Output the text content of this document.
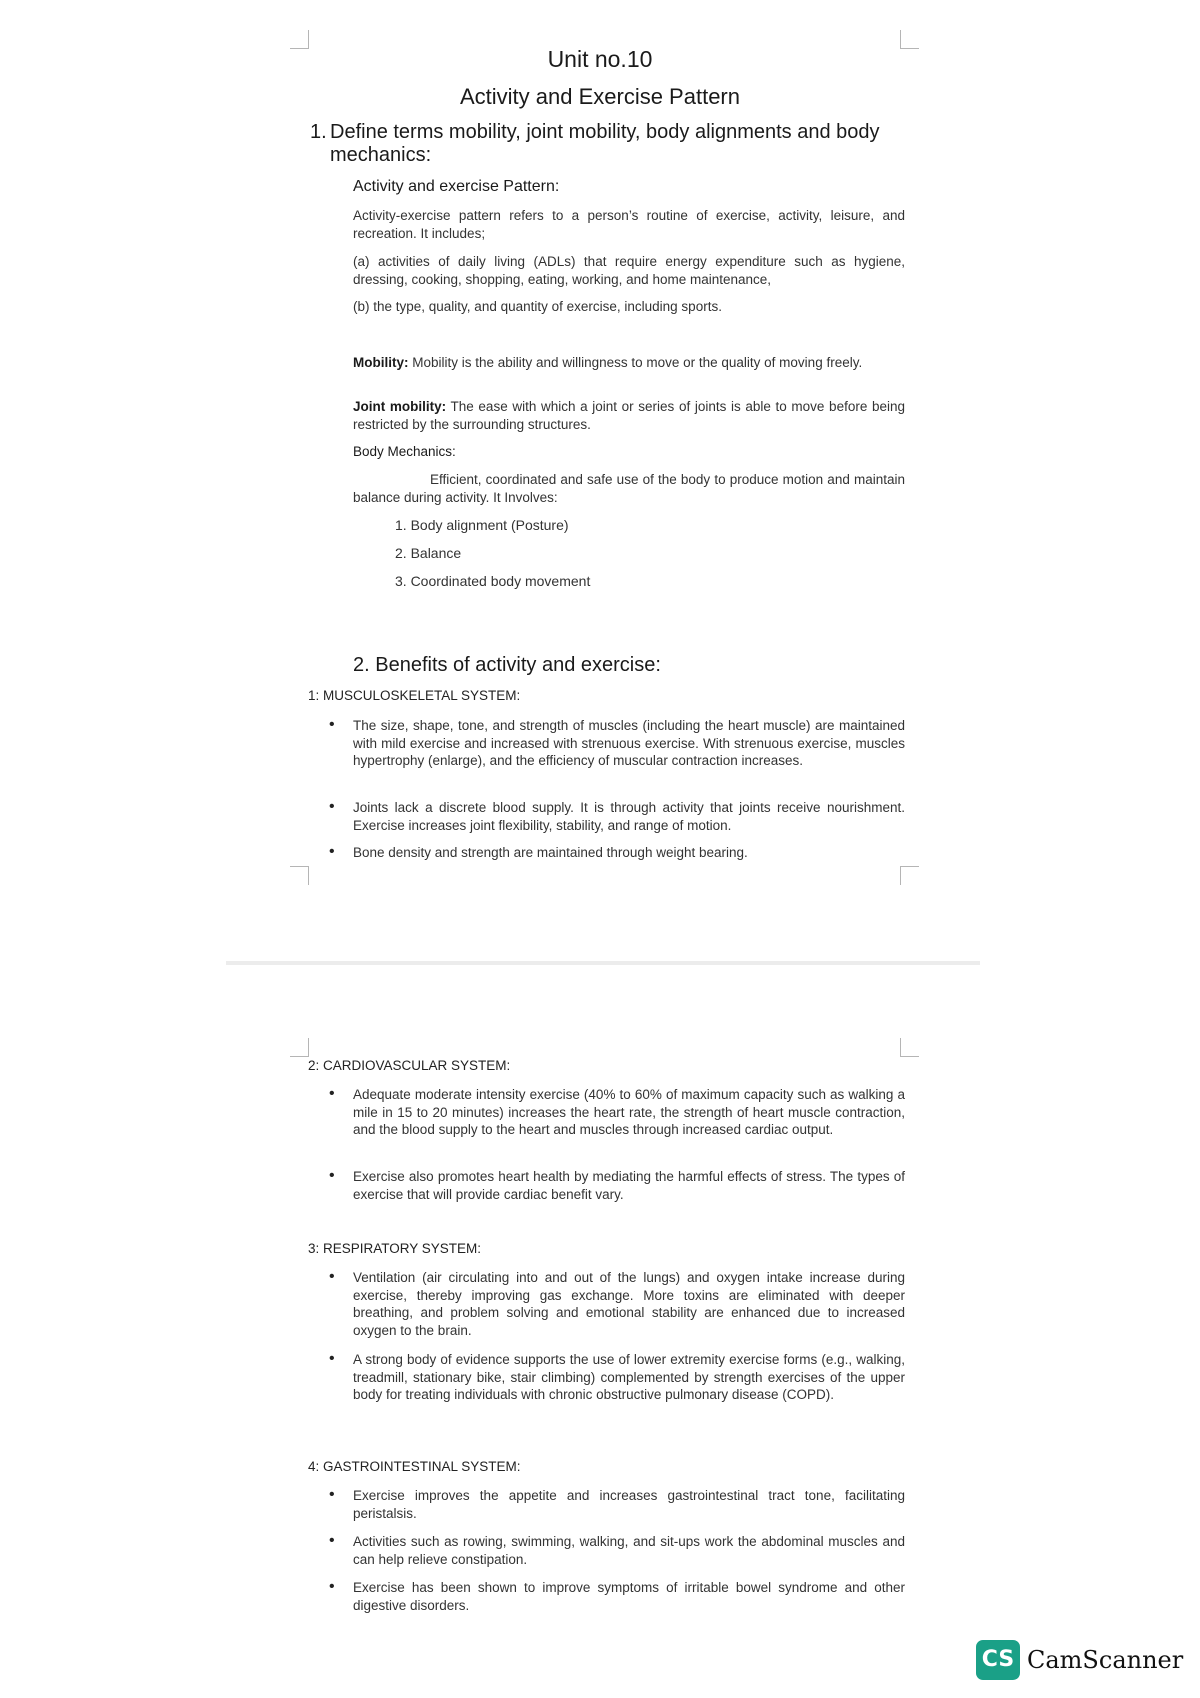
Unit no.10
Activity and Exercise Pattern
1. Define terms mobility, joint mobility, body alignments and body mechanics:
Activity and exercise Pattern:
Activity-exercise pattern refers to a person’s routine of exercise, activity, leisure, and recreation. It includes;
(a) activities of daily living (ADLs) that require energy expenditure such as hygiene, dressing, cooking, shopping, eating, working, and home maintenance,
(b) the type, quality, and quantity of exercise, including sports.
Mobility: Mobility is the ability and willingness to move or the quality of moving freely.
Joint mobility: The ease with which a joint or series of joints is able to move before being restricted by the surrounding structures.
Body Mechanics:
Efficient, coordinated and safe use of the body to produce motion and maintain balance during activity. It Involves:
1. Body alignment (Posture)
2. Balance
3. Coordinated body movement
2. Benefits of activity and exercise:
1: MUSCULOSKELETAL SYSTEM:
• The size, shape, tone, and strength of muscles (including the heart muscle) are maintained with mild exercise and increased with strenuous exercise. With strenuous exercise, muscles hypertrophy (enlarge), and the efficiency of muscular contraction increases.
• Joints lack a discrete blood supply. It is through activity that joints receive nourishment. Exercise increases joint flexibility, stability, and range of motion.
• Bone density and strength are maintained through weight bearing.
2: CARDIOVASCULAR SYSTEM:
• Adequate moderate intensity exercise (40% to 60% of maximum capacity such as walking a mile in 15 to 20 minutes) increases the heart rate, the strength of heart muscle contraction, and the blood supply to the heart and muscles through increased cardiac output.
• Exercise also promotes heart health by mediating the harmful effects of stress. The types of exercise that will provide cardiac benefit vary.
3: RESPIRATORY SYSTEM:
• Ventilation (air circulating into and out of the lungs) and oxygen intake increase during exercise, thereby improving gas exchange. More toxins are eliminated with deeper breathing, and problem solving and emotional stability are enhanced due to increased oxygen to the brain.
• A strong body of evidence supports the use of lower extremity exercise forms (e.g., walking, treadmill, stationary bike, stair climbing) complemented by strength exercises of the upper body for treating individuals with chronic obstructive pulmonary disease (COPD).
4: GASTROINTESTINAL SYSTEM:
• Exercise improves the appetite and increases gastrointestinal tract tone, facilitating peristalsis.
• Activities such as rowing, swimming, walking, and sit-ups work the abdominal muscles and can help relieve constipation.
• Exercise has been shown to improve symptoms of irritable bowel syndrome and other digestive disorders.
CS CamScanner
